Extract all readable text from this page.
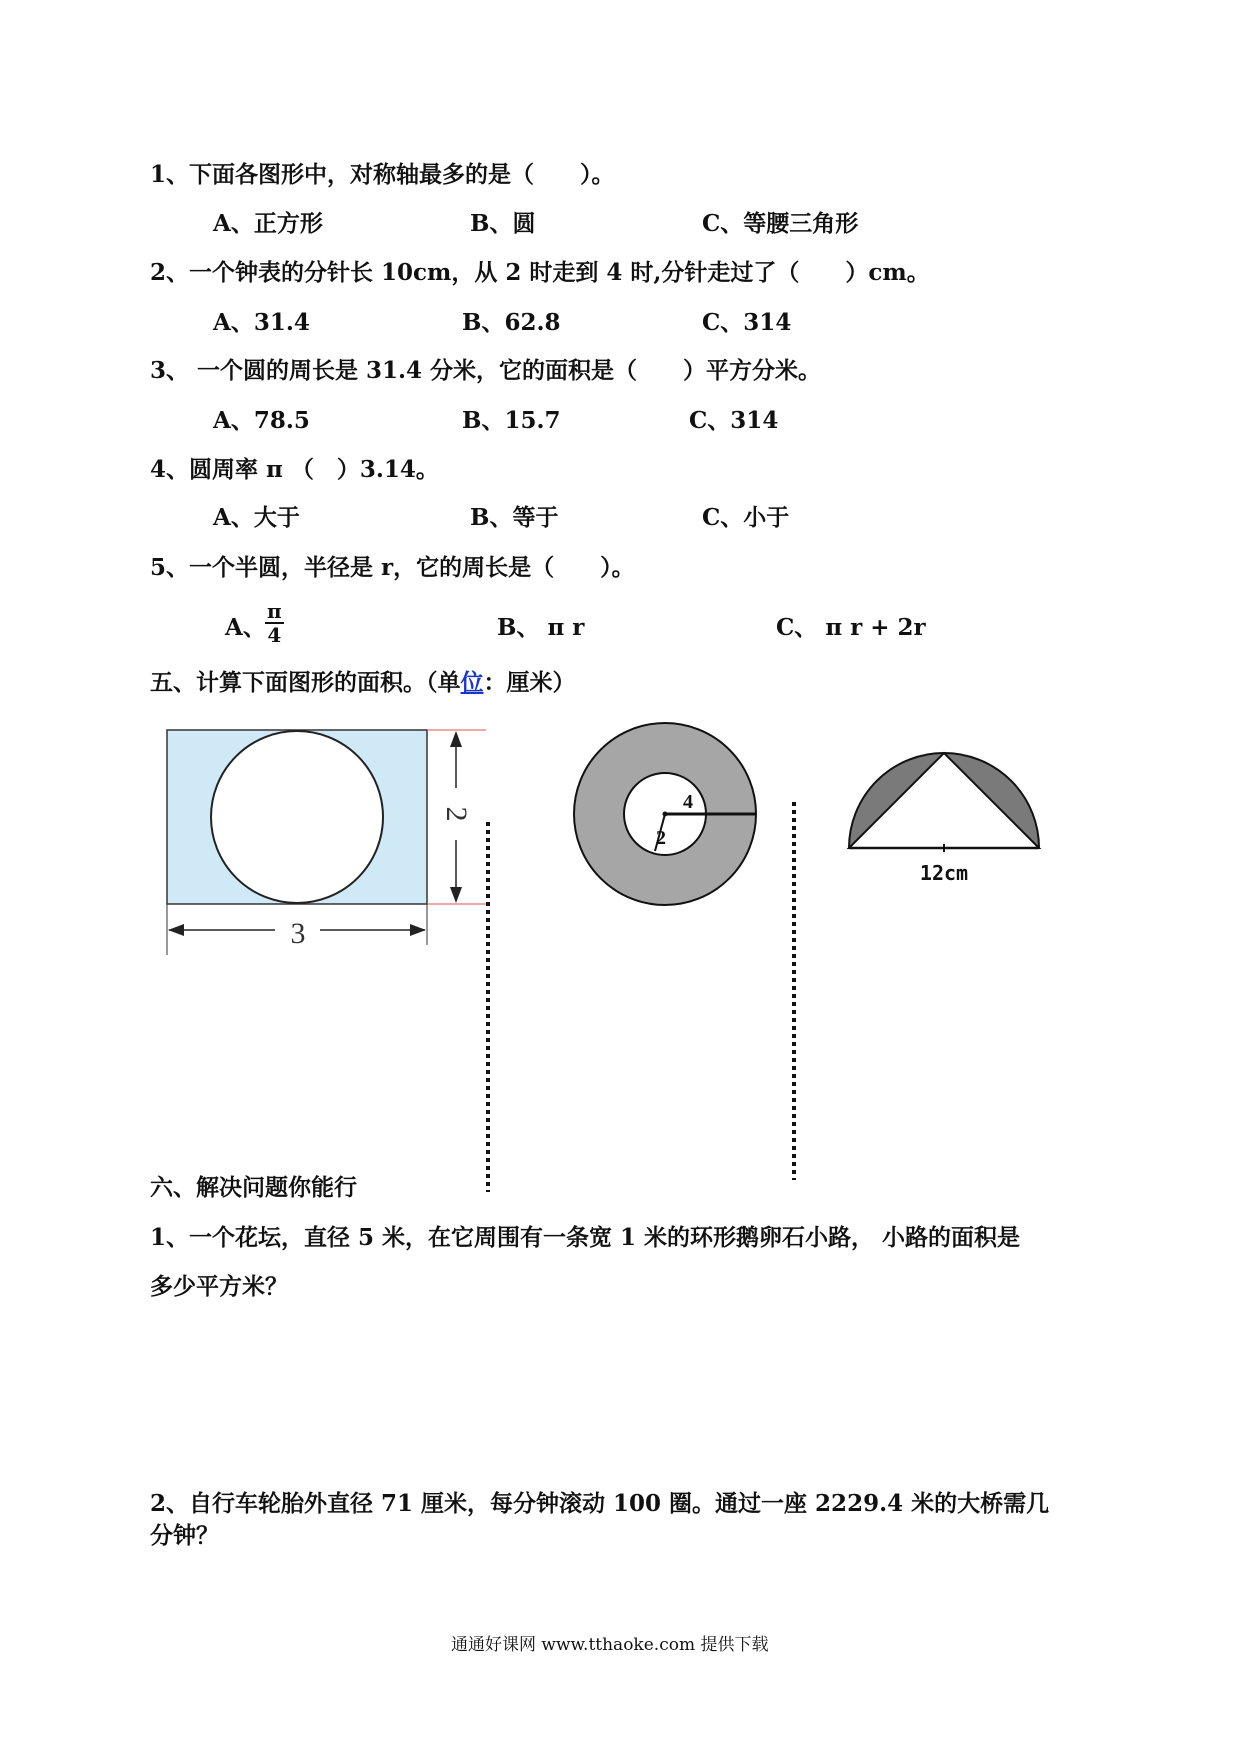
1、下面各图形中，对称轴最多的是（　　）。
A、正方形	B、圆	C、等腰三角形
2、一个钟表的分针长 10cm，从 2 时走到 4 时,分针走过了（　　）cm。
A、31.4	B、62.8	C、314
3、 一个圆的周长是 31.4 分米，它的面积是（　　）平方分米。
A、78.5	B、15.7	C、314
4、圆周率 π （　）3.14。
A、大于	B、等于	C、小于
5、一个半圆，半径是 r，它的周长是（　　）。
A、 $\frac{\pi}{4}$	B、 π r	C、 π r + 2r
五、计算下面图形的面积。（单位：厘米）
2
3
4
2
12cm
六、解决问题你能行
1、一个花坛，直径 5 米，在它周围有一条宽 1 米的环形鹅卵石小路， 小路的面积是
多少平方米？
2、自行车轮胎外直径 71 厘米，每分钟滚动 100 圈。通过一座 2229.4 米的大桥需几
分钟？
通通好课网 www.tthaoke.com 提供下载
